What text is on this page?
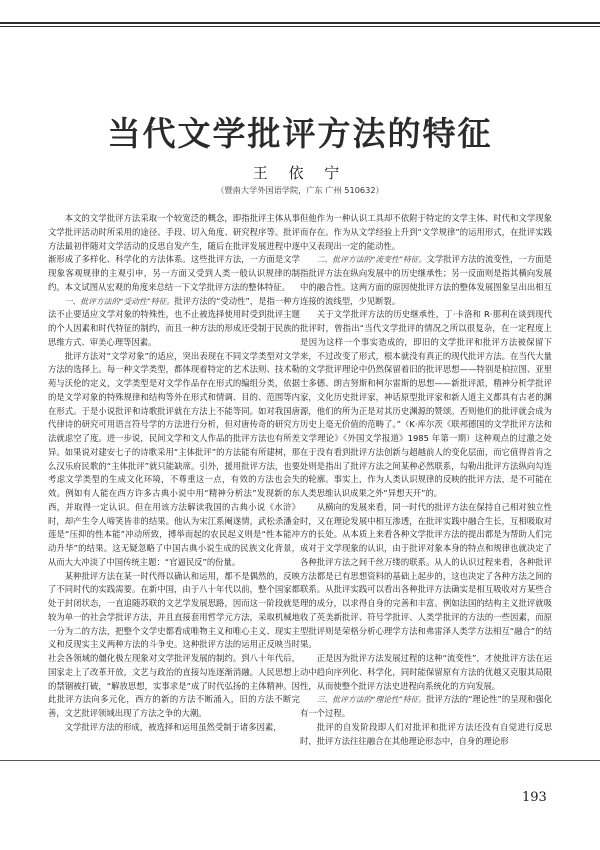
当代文学批评方法的特征
王 依 宁
（暨南大学外国语学院，广东 广州 510632）

本文的文学批评方法采取一个较宽泛的概念，即指批评主体从事文学批评活动时所采用的途径、手段、切入角度、研究程序等。批评方法最初伴随对文学活动的反思自发产生，随后在批评发展进程中逐渐形成了多样化、科学化的方法体系。这些批评方法，一方面是文学现象客观规律的主观引申，另一方面又受到人类一般认识规律的制约。本文试图从宏观的角度来总结一下文学批评方法的整体特征。

一、批评方法的“受动性”特征。批评方法的“受动性”，是指一种方法不止要适应文学对象的特殊性，也不止被选择使用时受到批评主题的个人因素和时代特征的制约，而且一种方法的形成还受制于民族的思维方式、审美心理等因素。

批评方法对“文学对象”的适应，突出表现在不同文学类型对文学方法的选择上。每一种文学类型，都体现着特定的艺术法则、技术勒苑与沃伦的定义，文学类型是对文学作品存在形式的编组分类，依据的是文学对象的特殊规律和结构等外在形式和情调、目的、范围等内在形式。于是小说批评和诗歌批评就在方法上不能等同。如对我国唐代律诗的研究可用语言符号学的方法进行分析，但对唐传奇的研究方法就虑空了度。进一步说，民间文学和文人作品的批评方法也有所差异。如果说对建安七子的诗歌采用“主体批评”的方法能有所建树，那么汉乐府民歌的“主体批评”就只能缺席。引外，援用批评方法，也要考虑文学类型的生成文化环境，不尊重这一点，有效的方法也会失效。例如有人能在西方许多古典小说中用“精神分析法”发现新的东西，并取得一定认识。但在用该方法解读我国的古典小说《水浒》时，却产生令人啼笑皆非的结果。他认为宋江系阉遂情，武松杀潘金莲是“压抑的性本能”冲动所致，搏举而起的农民起义则是“性本能冲动升华”的结果。这无疑忽略了中国古典小说生成的民族文化背景，从而大大冲淡了中国传统主题：“官逼民反”的份量。

某种批评方法在某一时代得以确认和运用，都不是偶然的，反映了不同时代的实践需要。在新中国，由于八十年代以前，整个国家都处于封闭状态，一直追随苏联的文艺学发展思路，因而这一阶段就是较为单一的社会学批评方法，并且直接套用哲学元方法，采取机械地一分为二的方法，把整个文学史都看成唯物主义和唯心主义、现实主义和反现实主义两种方法的斗争史。这种批评方法的运用正反映当时社会各领域的僵化极左现象对文学批评发展的制约。到八十年代后，国家走上了改革开放，文艺与政治的直接勾连逐渐消融。人民思想上的禁锢被打破，“解放思想，实事求是”成了时代弘扬的主体精神。因此批评方法向多元化，西方的新的方法不断涌入，旧的方法不断完善，文艺批评领域出现了方法之争的大潮。

文学批评方法的形成，被选择和运用虽然受制于诸多因素，

但他作为一种认识工具却不依附于特定的文学主体、时代和文学现象而存在。作为从文学经验上升到“文学规律”的运用形式，在批评实践中又表现出一定的能动性。

二、批评方法的“流变性”特征。文学批评方法的流变性，一方面是指批评方法在纵向发展中的历史继承性；另一反面则是指其横向发展中的融合性。这两方面的原因使批评方法的整体发展图象呈出出相互连接的流线型，少见断裂。

关于文学批评方法的历史继承性，丁·卡洛和 R·那利在谈到现代批评时，曾指出“当代文学批评的情况之所以很复杂，在一定程度上是因为这样一个事实造成的，即旧的文学批评和批评方法被保留下来，不过改变了形式，根本就没有真正的现代批评方法。在当代大量的文学批评理论中仍然保留着旧的批评思想——特别是柏拉图、亚里士多德、朗吉努斯和柯尔雷斯的思想——新批评派，精神分析学批评家，文化历史批评家，神话原型批评家和新人道主义都具有古老的渊源，他们的所为正是对其历史渊源的赞颂。否则他们的批评就会成为历史上毫无价值的范畴了。”（K·库尔茨《联邦德国的文学批评方法和文学理论》《外国文学报道》1985 年第一期）这种观点的过激之处在于没有看到批评方法创新与超越前人的变化层面，而它值得首肯之处则是指出了批评方法之间某种必然联系，勾勒出批评方法纵向勾连的轮廓。事实上，作为人类认识规律的反映的批评方法，是不可能在人类思维认识成果之外“异想天开”的。

从横向的发展来看，同一时代的批评方法在保持自己相对独立性时，又在理论发展中相互渗透，在批评实践中融合生长，互相吸取对方的长处。从本质上来看各种文学批评方法的提出都是为帮助人们完成对于文学现象的认识，由于批评对象本身的特点和规律也就决定了各种批评方法之间千丝万缕的联系。从人的认识过程来看，各种批评方法都是已有思想资料的基础上起步的，这也决定了各种方法之间的联系。从批评实践可以看出各种批评方法确实是相互吸收对方某些合理的成分，以求得自身的完善和丰富。例如法国的结构主义批评就吸收了英美新批评、符号学批评、人类学批评的方法的一些因素，而原型批评则是荣格分析心理学方法和弗雷泽人类学方法相互“融合”的结果。

正是因为批评方法发展过程的这种“流变性”，才使批评方法在运动中趋向序列化、科学化，同时能保留原有方法的优越又克服其局限性，从而使整个批评方法史进程向系统化的方向发展。

三、批评方法的“理论性”特征。批评方法的“理论性”的呈现和强化有一个过程。

批评的自发阶段即人们对批评和批评方法还没有自觉进行反思时，批评方法往往融合在其他理论形态中，自身的理论形

193
